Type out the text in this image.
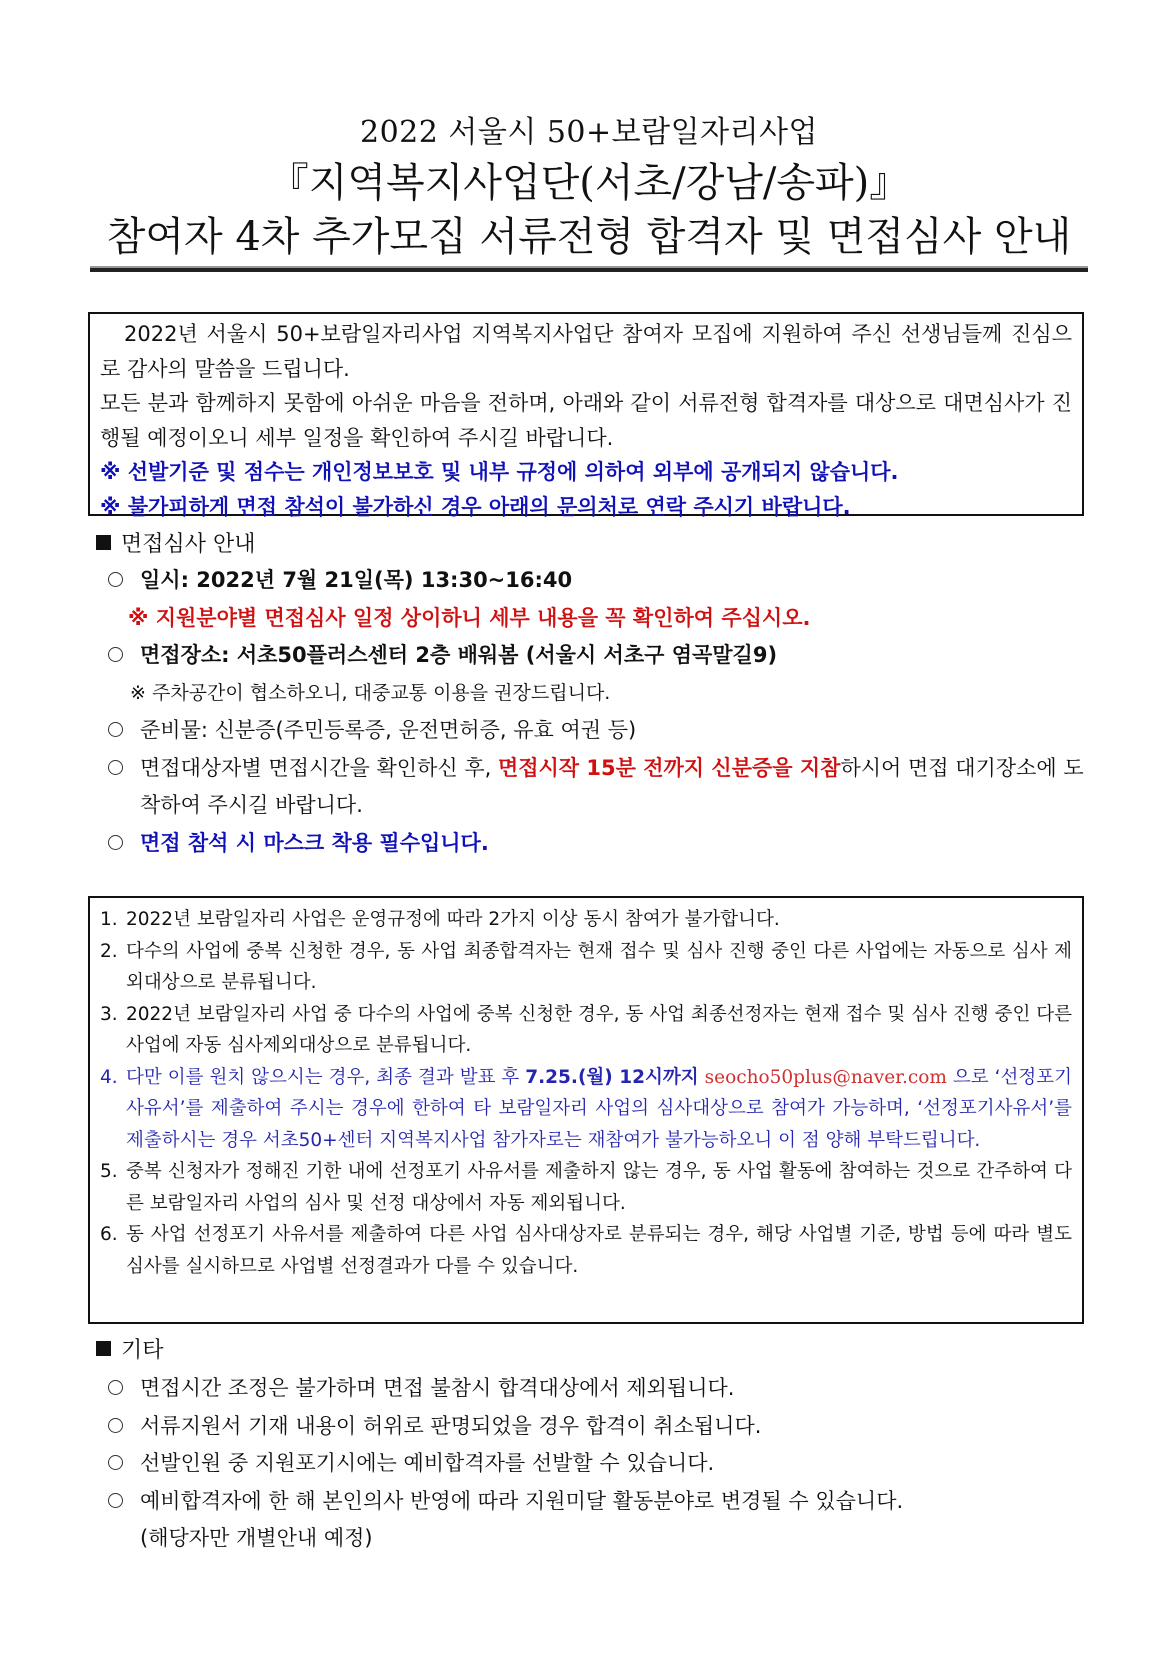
2022 서울시 50+보람일자리사업
『지역복지사업단(서초/강남/송파)』
참여자 4차 추가모집 서류전형 합격자 및 면접심사 안내

2022년 서울시 50+보람일자리사업 지역복지사업단 참여자 모집에 지원하여 주신 선생님들께 진심으로 감사의 말씀을 드립니다.

모든 분과 함께하지 못함에 아쉬운 마음을 전하며, 아래와 같이 서류전형 합격자를 대상으로 대면심사가 진행될 예정이오니 세부 일정을 확인하여 주시길 바랍니다.

※ 선발기준 및 점수는 개인정보보호 및 내부 규정에 의하여 외부에 공개되지 않습니다.

※ 불가피하게 면접 참석이 불가하신 경우 아래의 문의처로 연락 주시기 바랍니다.

면접심사 안내
일시: 2022년 7월 21일(목) 13:30~16:40
※ 지원분야별 면접심사 일정 상이하니 세부 내용을 꼭 확인하여 주십시오.
면접장소: 서초50플러스센터 2층 배워봄 (서울시 서초구 염곡말길9)
※ 주차공간이 협소하오니, 대중교통 이용을 권장드립니다.
준비물: 신분증(주민등록증, 운전면허증, 유효 여권 등)
면접대상자별 면접시간을 확인하신 후, 면접시작 15분 전까지 신분증을 지참하시어 면접 대기장소에 도착하여 주시길 바랍니다.
면접 참석 시 마스크 착용 필수입니다.
1. 2022년 보람일자리 사업은 운영규정에 따라 2가지 이상 동시 참여가 불가합니다.
2. 다수의 사업에 중복 신청한 경우, 동 사업 최종합격자는 현재 접수 및 심사 진행 중인 다른 사업에는 자동으로 심사 제외대상으로 분류됩니다.
3. 2022년 보람일자리 사업 중 다수의 사업에 중복 신청한 경우, 동 사업 최종선정자는 현재 접수 및 심사 진행 중인 다른 사업에 자동 심사제외대상으로 분류됩니다.
4. 다만 이를 원치 않으시는 경우, 최종 결과 발표 후 7.25.(월) 12시까지 seocho50plus@naver.com 으로 ‘선정포기 사유서’를 제출하여 주시는 경우에 한하여 타 보람일자리 사업의 심사대상으로 참여가 가능하며, ‘선정포기사유서’를 제출하시는 경우 서초50+센터 지역복지사업 참가자로는 재참여가 불가능하오니 이 점 양해 부탁드립니다.
5. 중복 신청자가 정해진 기한 내에 선정포기 사유서를 제출하지 않는 경우, 동 사업 활동에 참여하는 것으로 간주하여 다른 보람일자리 사업의 심사 및 선정 대상에서 자동 제외됩니다.
6. 동 사업 선정포기 사유서를 제출하여 다른 사업 심사대상자로 분류되는 경우, 해당 사업별 기준, 방법 등에 따라 별도 심사를 실시하므로 사업별 선정결과가 다를 수 있습니다.
기타
면접시간 조정은 불가하며 면접 불참시 합격대상에서 제외됩니다.
서류지원서 기재 내용이 허위로 판명되었을 경우 합격이 취소됩니다.
선발인원 중 지원포기시에는 예비합격자를 선발할 수 있습니다.
예비합격자에 한 해 본인의사 반영에 따라 지원미달 활동분야로 변경될 수 있습니다.
(해당자만 개별안내 예정)
